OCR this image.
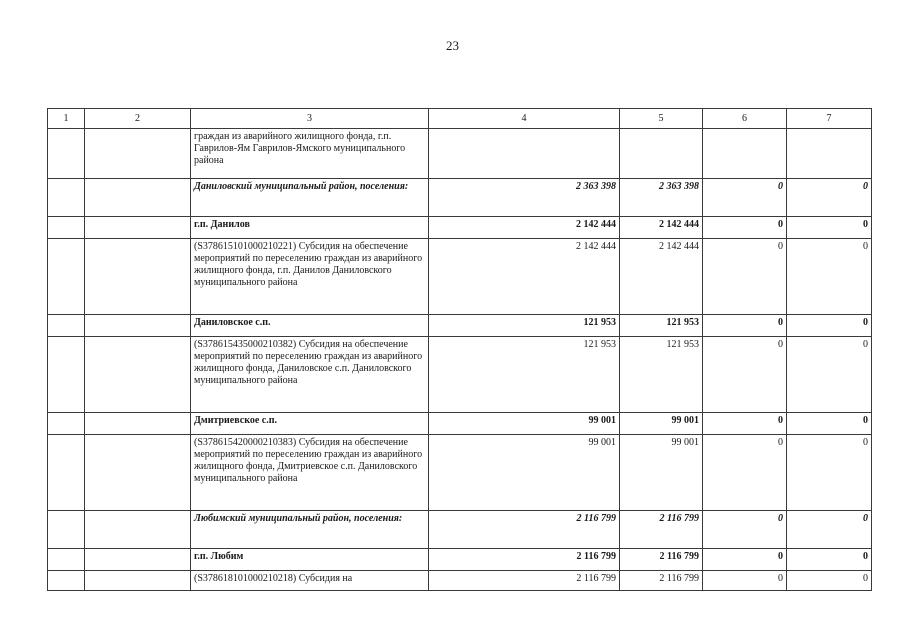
23
1	2	3	4	5	6	7
		граждан из аварийного жилищного фонда, г.п. Гаврилов-Ям Гаврилов-Ямского муниципального района				
		Даниловский муниципальный район, поселения:	2 363 398	2 363 398	0	0
		г.п. Данилов	2 142 444	2 142 444	0	0
		(S378615101000210221) Субсидия на обеспечение мероприятий по переселению граждан из аварийного жилищного фонда, г.п. Данилов Даниловского муниципального района	2 142 444	2 142 444	0	0
		Даниловское с.п.	121 953	121 953	0	0
		(S378615435000210382) Субсидия на обеспечение мероприятий по переселению граждан из аварийного жилищного фонда, Даниловское с.п. Даниловского муниципального района	121 953	121 953	0	0
		Дмитриевское с.п.	99 001	99 001	0	0
		(S378615420000210383) Субсидия на обеспечение мероприятий по переселению граждан из аварийного жилищного фонда, Дмитриевское с.п. Даниловского муниципального района	99 001	99 001	0	0
		Любимский муниципальный район, поселения:	2 116 799	2 116 799	0	0
		г.п. Любим	2 116 799	2 116 799	0	0
		(S378618101000210218) Субсидия на	2 116 799	2 116 799	0	0
